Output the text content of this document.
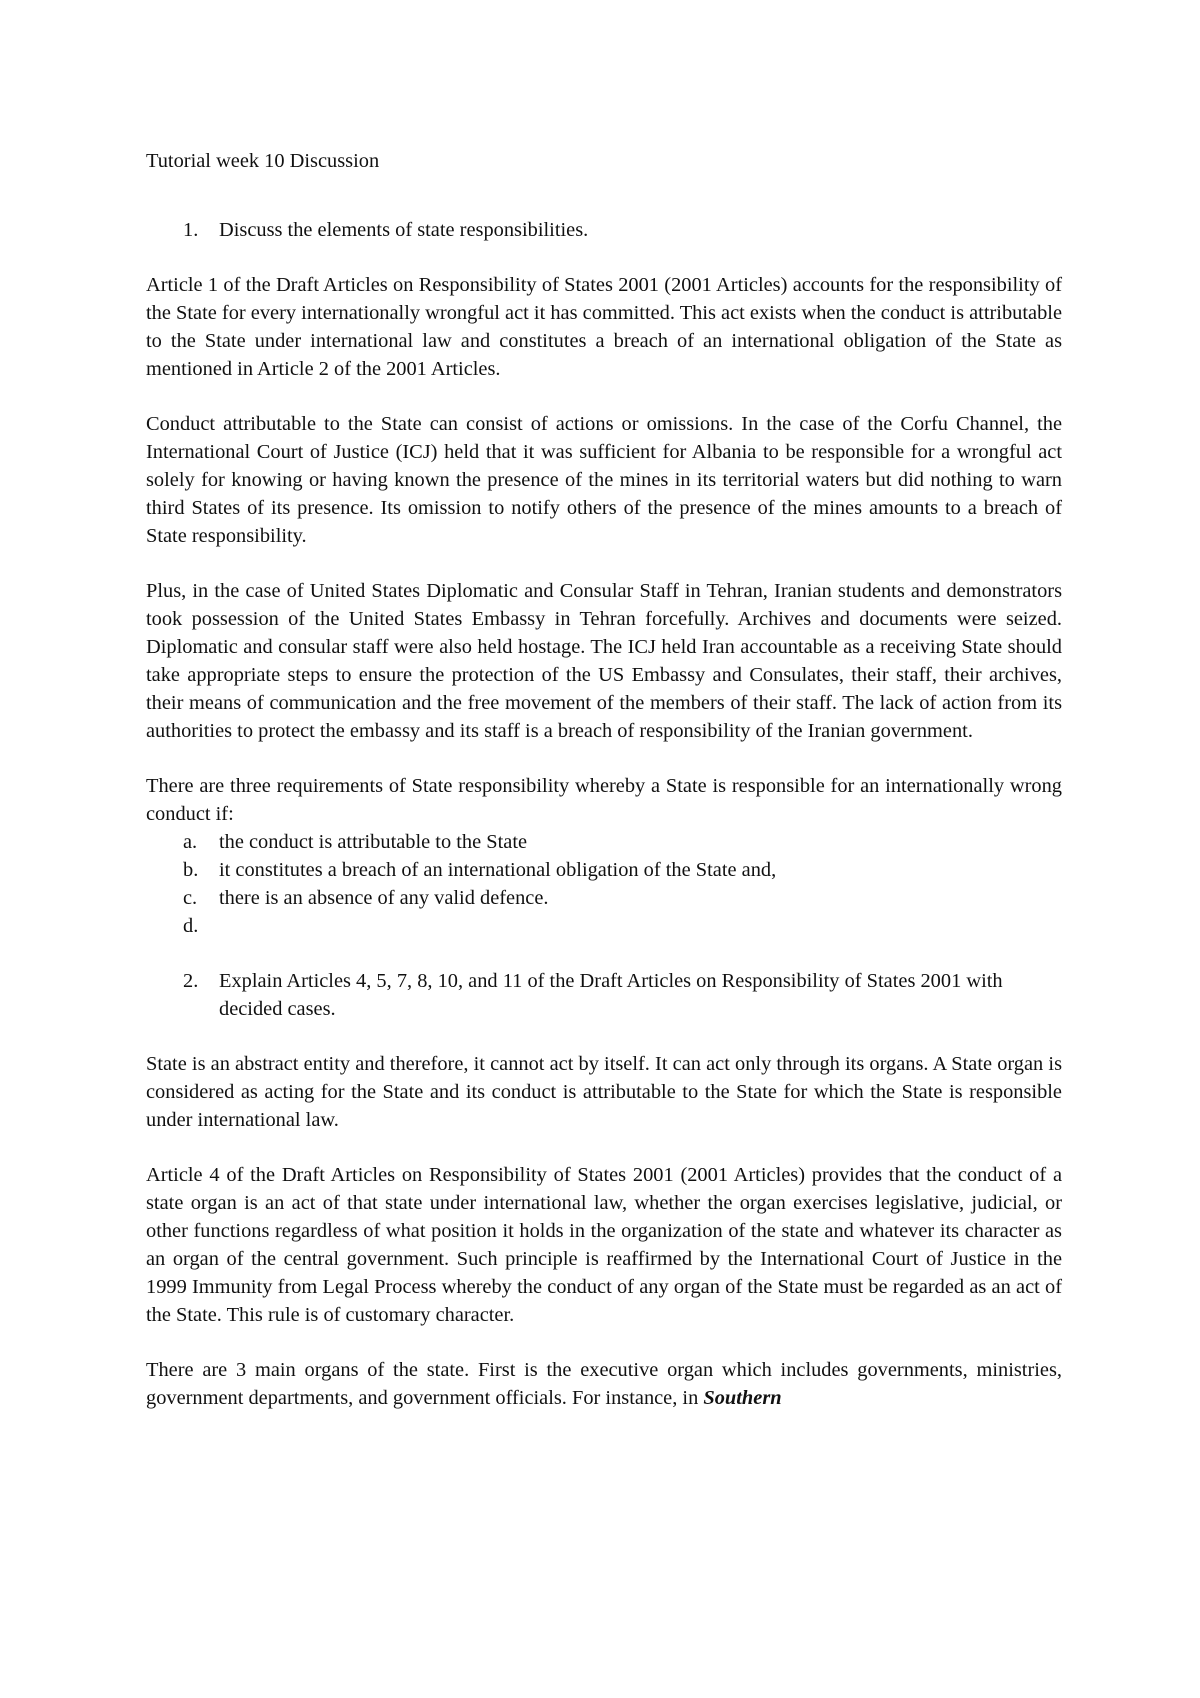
Tutorial week 10 Discussion
1.	Discuss the elements of state responsibilities.

Article 1 of the Draft Articles on Responsibility of States 2001 (2001 Articles) accounts for the responsibility of the State for every internationally wrongful act it has committed. This act exists when the conduct is attributable to the State under international law and constitutes a breach of an international obligation of the State as mentioned in Article 2 of the 2001 Articles.

Conduct attributable to the State can consist of actions or omissions. In the case of the Corfu Channel, the International Court of Justice (ICJ) held that it was sufficient for Albania to be responsible for a wrongful act solely for knowing or having known the presence of the mines in its territorial waters but did nothing to warn third States of its presence. Its omission to notify others of the presence of the mines amounts to a breach of State responsibility.

Plus, in the case of United States Diplomatic and Consular Staff in Tehran, Iranian students and demonstrators took possession of the United States Embassy in Tehran forcefully. Archives and documents were seized. Diplomatic and consular staff were also held hostage. The ICJ held Iran accountable as a receiving State should take appropriate steps to ensure the protection of the US Embassy and Consulates, their staff, their archives, their means of communication and the free movement of the members of their staff. The lack of action from its authorities to protect the embassy and its staff is a breach of responsibility of the Iranian government.

There are three requirements of State responsibility whereby a State is responsible for an internationally wrong conduct if:

a.	the conduct is attributable to the State
b.	it constitutes a breach of an international obligation of the State and,
c.	there is an absence of any valid defence.
d.
2.	Explain Articles 4, 5, 7, 8, 10, and 11 of the Draft Articles on Responsibility of States 2001 with decided cases.

State is an abstract entity and therefore, it cannot act by itself. It can act only through its organs. A State organ is considered as acting for the State and its conduct is attributable to the State for which the State is responsible under international law.

Article 4 of the Draft Articles on Responsibility of States 2001 (2001 Articles) provides that the conduct of a state organ is an act of that state under international law, whether the organ exercises legislative, judicial, or other functions regardless of what position it holds in the organization of the state and whatever its character as an organ of the central government. Such principle is reaffirmed by the International Court of Justice in the 1999 Immunity from Legal Process whereby the conduct of any organ of the State must be regarded as an act of the State. This rule is of customary character.

There are 3 main organs of the state. First is the executive organ which includes governments, ministries, government departments, and government officials. For instance, in Southern
